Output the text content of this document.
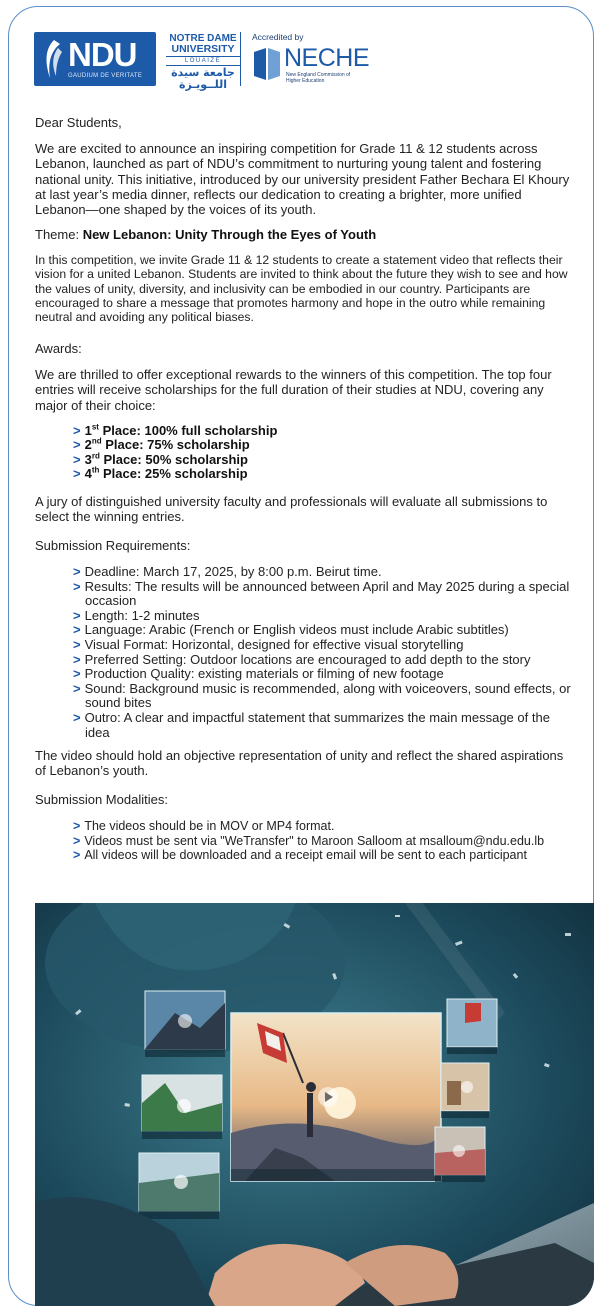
NDU
GAUDIUM DE VERITATE
NOTRE DAME
UNIVERSITY
LOUAIZE
جامعة سيدة
اللــويـزة
Accredited by
NECHE
New England Commission of Higher Education

Dear Students,

We are excited to announce an inspiring competition for Grade 11 & 12 students across Lebanon, launched as part of NDU’s commitment to nurturing young talent and fostering national unity. This initiative, introduced by our university president Father Bechara El Khoury at last year’s media dinner, reflects our dedication to creating a brighter, more unified Lebanon—one shaped by the voices of its youth.

Theme: New Lebanon: Unity Through the Eyes of Youth

In this competition, we invite Grade 11 & 12 students to create a statement video that reflects their vision for a united Lebanon. Students are invited to think about the future they wish to see and how the values of unity, diversity, and inclusivity can be embodied in our country. Participants are encouraged to share a message that promotes harmony and hope in the outro while remaining neutral and avoiding any political biases.

Awards:

We are thrilled to offer exceptional rewards to the winners of this competition. The top four entries will receive scholarships for the full duration of their studies at NDU, covering any major of their choice:

> 1st Place: 100% full scholarship
> 2nd Place: 75% scholarship
> 3rd Place: 50% scholarship
> 4th Place: 25% scholarship

A jury of distinguished university faculty and professionals will evaluate all submissions to select the winning entries.

Submission Requirements:

> Deadline: March 17, 2025, by 8:00 p.m. Beirut time.
> Results: The results will be announced between April and May 2025 during a special occasion
> Length: 1-2 minutes
> Language: Arabic (French or English videos must include Arabic subtitles)
> Visual Format: Horizontal, designed for effective visual storytelling
> Preferred Setting: Outdoor locations are encouraged to add depth to the story
> Production Quality: existing materials or filming of new footage
> Sound: Background music is recommended, along with voiceovers, sound effects, or sound bites
> Outro: A clear and impactful statement that summarizes the main message of the idea

The video should hold an objective representation of unity and reflect the shared aspirations of Lebanon’s youth.

Submission Modalities:

> The videos should be in MOV or MP4 format.
> Videos must be sent via "WeTransfer" to Maroon Salloom at msalloum@ndu.edu.lb
> All videos will be downloaded and a receipt email will be sent to each participant
